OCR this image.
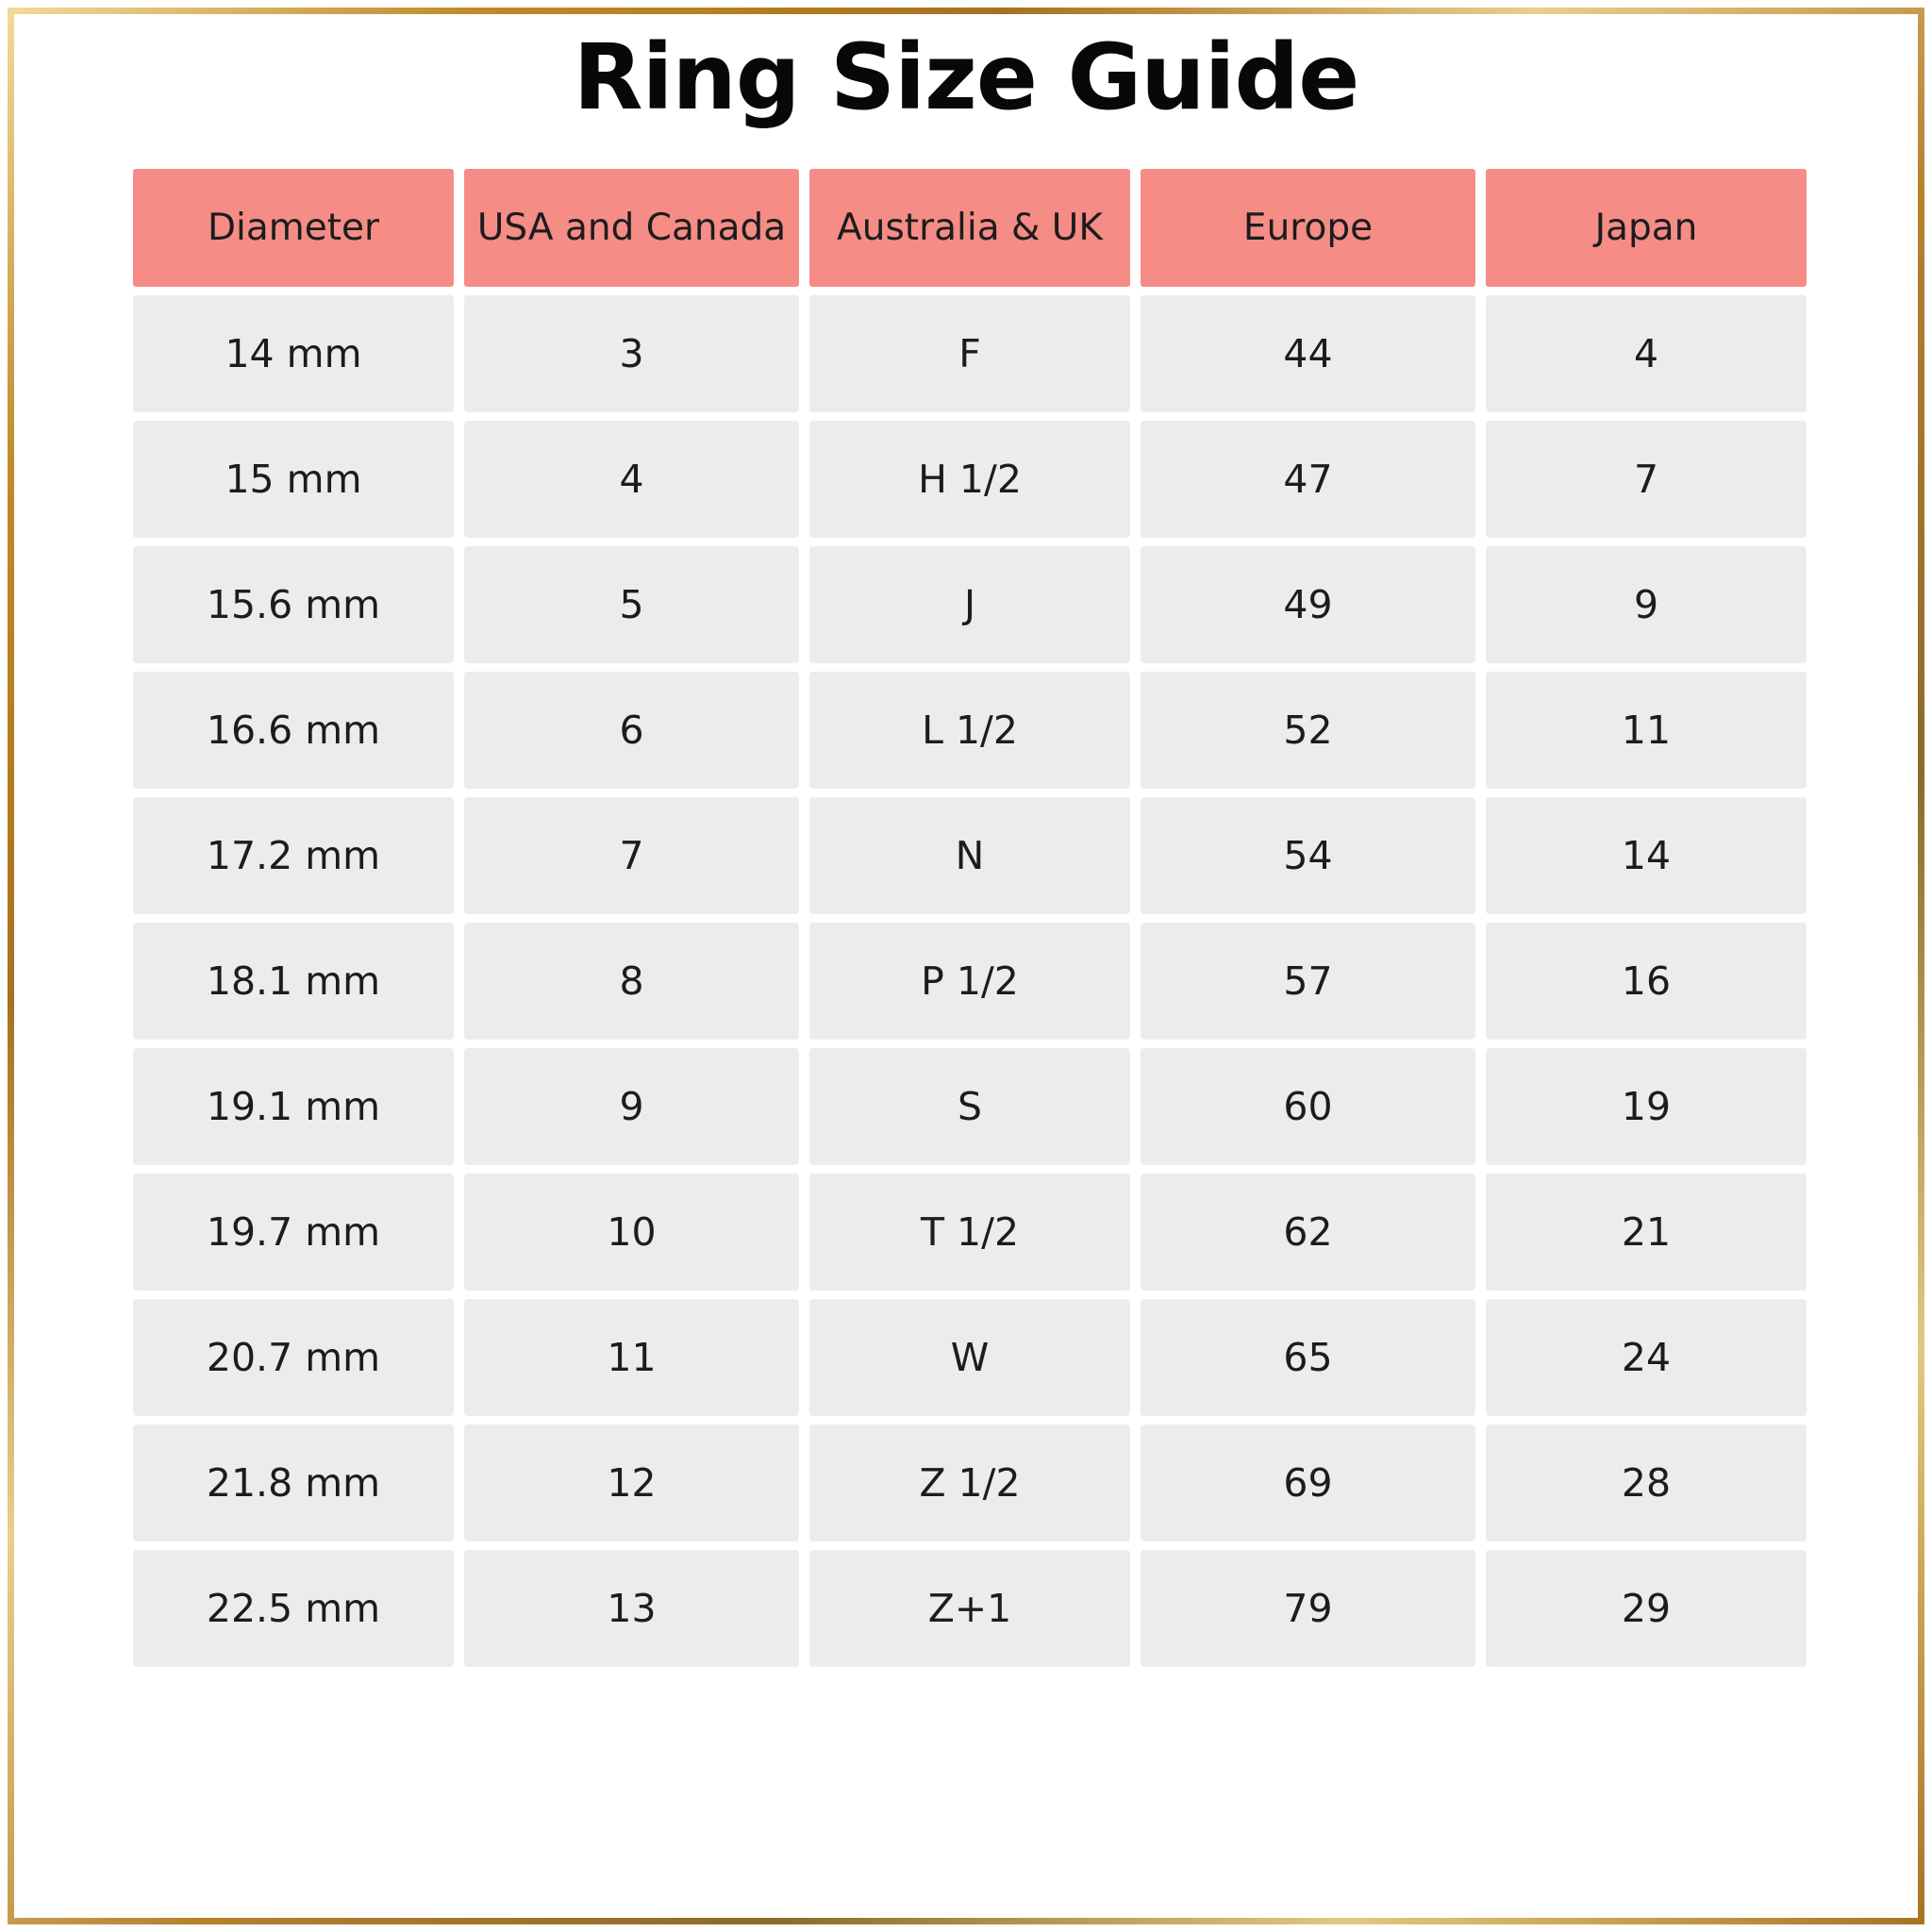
Ring Size Guide
Diameter	USA and Canada	Australia & UK	Europe	Japan
14 mm	3	F	44	4
15 mm	4	H 1/2	47	7
15.6 mm	5	J	49	9
16.6 mm	6	L 1/2	52	11
17.2 mm	7	N	54	14
18.1 mm	8	P 1/2	57	16
19.1 mm	9	S	60	19
19.7 mm	10	T 1/2	62	21
20.7 mm	11	W	65	24
21.8 mm	12	Z 1/2	69	28
22.5 mm	13	Z+1	79	29
